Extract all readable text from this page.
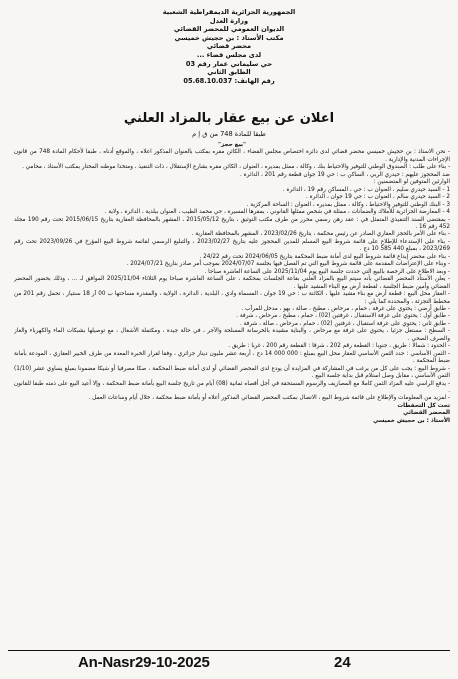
الجمهورية الجزائرية الديمقراطية الشعبية
وزارة العدل
الديوان العمومي للمحضر القضائي
مكتب الأستاذ : بن حجيش خميسي
محضر قضائي
لدى مجلس قضاء ...
حي سليماني عمار رقم 03
الطابق الثاني
رقم الهاتف: 05.68.10.037
اعلان عن بيع عقار بالمزاد العلني
طبقا للمادة 748 من ق إ م

"بيع حجز"

- نحن الاستاذ : بن حجيش خميسي محضر قضائي لدى دائرة اختصاص مجلس القضاء ، الكائن مقره بمكتب بالعنوان المذكور اعلاه ، والموقع أدناه ، طبقا لأحكام المادة 748 من قانون الإجراءات المدنية والإدارية .

- بناء على طلب : الصندوق الوطني للتوفير والاحتياط بنك ، وكالة ، ممثل بمديره ، العنوان ، الكائن مقره بشارع الإستقلال ، ذات التنفيذ ، ومتخذا موطنه المختار بمكتب الأستاذ ، محامي .

ضد المحجوز عليهم : حيدري الربي ، الساكن ب : حي 19 جوان قطعة رقم 201 ، الدائرة .

الوارثين المتوفين لو المتضمنين :

1 - السيد حيدري سليم ، العنوان ب : حي ، المساكن رقم 19 ، الدائرة .

2 - السيد حيدري سالم ، العنوان ب : حي 19 جوان ، الدائرة .

3 - البنك الوطني للتوفير والاحتياط ، وكالة ، ممثل بمديره ، العنوان : الساحة المركزية .

4 - المعارضة الجزائرية للأملاك والضمانات ، ممثلة في شخص ممثلها القانوني ، بمقرها المسيرة ، حي محمد الطيب ، العنوان ببلدية ، الدائرة ، ولاية .

- بمقتضى السند التنفيذي المتمثل في : عقد رهن رسمي محرر من طرف مكتب التوثيق ، بتاريخ 2015/05/12 ، المشهر بالمحافظة العقارية بتاريخ 2015/06/15 تحت رقم 190 مجلد 452 رقم 16 .

- بناء على الأمر بالحجز العقاري الصادر عن رئيس محكمة ، بتاريخ 2023/02/26 ، المشهر بالمحافظة العقارية .

- بناء على الإستدعاء للإطلاع على قائمة شروط البيع المسلم للمدين المحجوز عليه بتاريخ 2023/02/27 ، والتبليغ الرسمي لقائمة شروط البيع المؤرخ في 2023/09/26 تحت رقم 2023/269 ، بمبلغ 440 585 10 دج .

- بناء على محضر إيداع قائمة شروط البيع لدى أمانة ضبط المحكمة بتاريخ 2024/06/05 تحت رقم 24/22 .

- وبناء على الإعتراضات المقدمة على قائمة شروط البيع التي تم الفصل فيها بجلسة 2024/07/07 بموجب أمر صادر بتاريخ 2024/07/21 .

- وبعد الاطلاع على الرخصة بالبيع التي حددت جلسة البيع يوم 2025/11/04 على الساعة العاشرة صباحا .

- يعلن الأستاذ المحضر القضائي بأنه سيتم البيع بالمزاد العلني بقاعة الجلسات بمحكمة ، على الساعة العاشرة صباحا يوم الثلاثاء 2025/11/04 الموافق لـ ... ، وذلك بحضور المحضر القضائي وأمين ضبط الجلسة ، لقطعة أرض مع البناء المشيد عليها .

- العقار محل البيع : قطعة أرض مع بناء مشيد عليها ، الكائنة ب : حي 19 جوان ، المسماة وادي ، البلدية ، الدائرة ، الولاية ، والمقدرة مساحتها ب 00 آر 18 سنتيار ، تحمل رقم 201 من مخطط التجزئة ، والمحددة كما يلي :

- طابق أرضي : يحتوي على غرفة ، حمام ، مرحاض ، مطبخ ، صالة ، بهو ، مدخل للمرآب .

- طابق أول : يحتوي على غرفة الاستقبال ، غرفتين (02) ، حمام ، مطبخ ، مرحاض ، شرفة .

- طابق ثاني : يحتوي على غرفة استقبال ، غرفتين (02) ، حمام ، مرحاض ، صالة ، شرفة .

- السطح : مستغل جزئيا ، يحتوي على غرفة مع مرحاض ، والبناية مشيدة بالخرسانة المسلحة والآجر ، في حالة جيدة ، ومكتملة الأشغال ، مع توصيلها بشبكات الماء والكهرباء والغاز والصرف الصحي .

- الحدود : شمالا : طريق ، جنوبا : القطعة رقم 202 ، شرقا : القطعة رقم 200 ، غربا : طريق .

- الثمن الأساسي : حدد الثمن الأساسي للعقار محل البيع بمبلغ : 000 000 14 دج ، أربعة عشر مليون دينار جزائري ، وفقا لقرار الخبرة المعدة من طرف الخبير العقاري ، المودعة بأمانة ضبط المحكمة .

- شروط البيع : يجب على كل من يرغب في المشاركة في المزايدة أن يودع لدى المحضر القضائي أو لدى أمانة ضبط المحكمة ، صكا مصرفيا أو شيكا مضمونا بمبلغ يساوي عشر (1/10) الثمن الأساسي ، مقابل وصل استلام قبل بداية جلسة البيع .

- يدفع الراسي عليه المزاد الثمن كاملا مع المصاريف والرسوم المستحقة في أجل أقصاه ثمانية (08) أيام من تاريخ جلسة البيع بأمانة ضبط المحكمة ، وإلا أعيد البيع على ذمته طبقا للقانون .

- لمزيد من المعلومات والإطلاع على قائمة شروط البيع ، الاتصال بمكتب المحضر القضائي المذكور أعلاه أو بأمانة ضبط محكمة ، خلال أيام وساعات العمل .

تحت كل التحفظات

المحضر القضائي

الأستاذ : بن حجيش خميسي

An-Nasr29-10-2025	24
